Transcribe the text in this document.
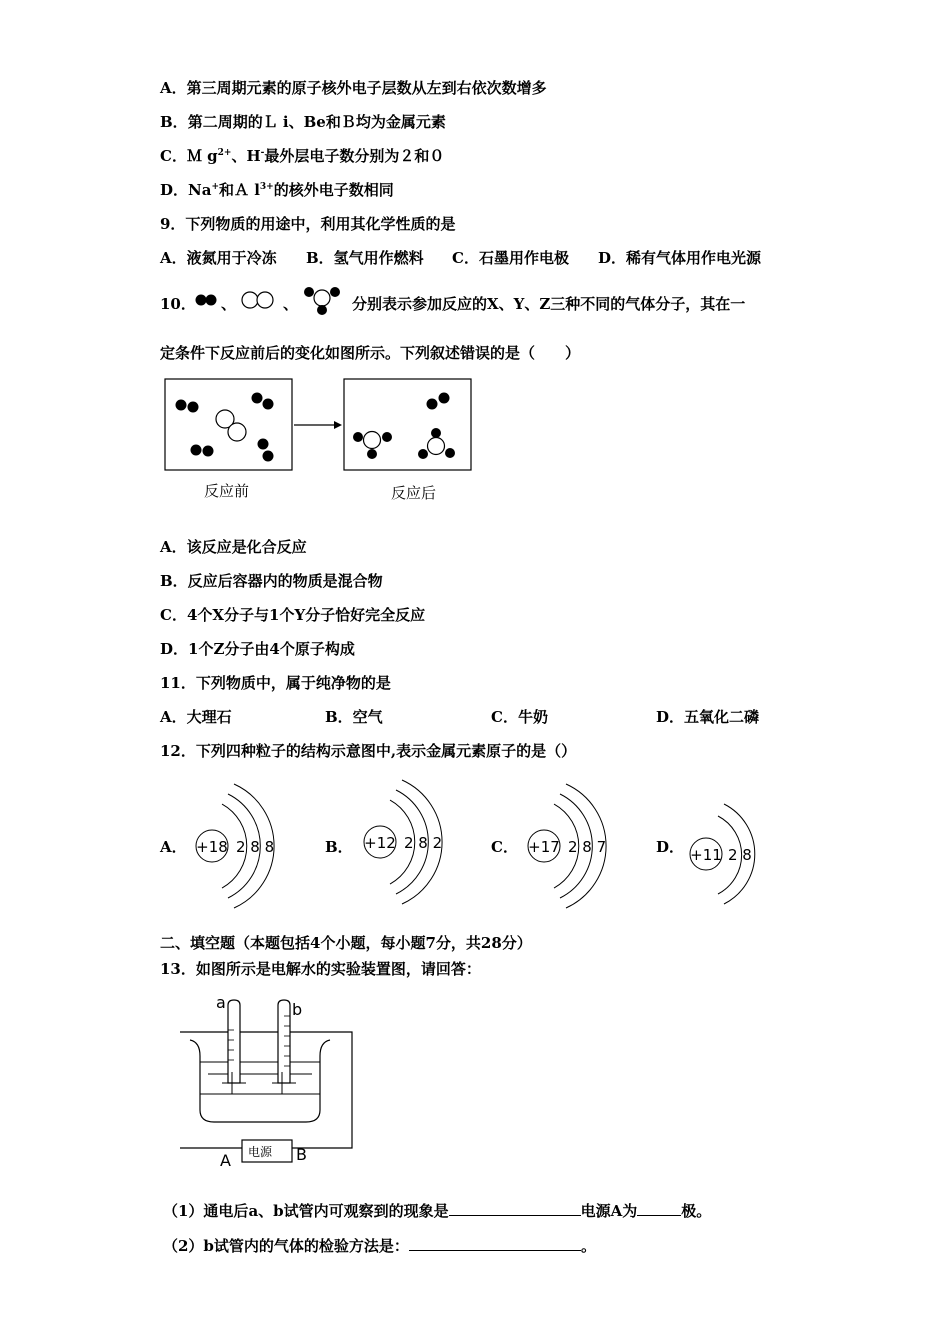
A．第三周期元素的原子核外电子层数从左到右依次数增多
B．第二周期的Ｌ i、Be和Ｂ均为金属元素
C．Ｍ $g^{2+}$、H-最外层电子数分别为２和０
D．Na+和Ａ $l^{3+}$的核外电子数相同
9．下列物质的用途中，利用其化学性质的是
A．液氮用于冷冻 B．氢气用作燃料 C．石墨用作电极 D．稀有气体用作电光源
10． 、	、	分别表示参加反应的X、Y、Z三种不同的气体分子，其在一
定条件下反应前后的变化如图所示。下列叙述错误的是（　　）
反应前	反应后
A．该反应是化合反应
B．反应后容器内的物质是混合物
C．4个X分子与1个Y分子恰好完全反应
D．1个Z分子由4个原子构成
11．下列物质中，属于纯净物的是
A．大理石	B．空气	C．牛奶	D．五氧化二磷
12．下列四种粒子的结构示意图中,表示金属元素原子的是（）
A． +18 2 8 8	B． +12 2 8 2	C． +17 2 8 7	D． +11 2 8
二、填空题（本题包括4个小题，每小题7分，共28分）
13．如图所示是电解水的实验装置图，请回答：
a	b
电源
A	B
（1）通电后a、b试管内可观察到的现象是	电源A为	极。
（2）b试管内的气体的检验方法是：	。
